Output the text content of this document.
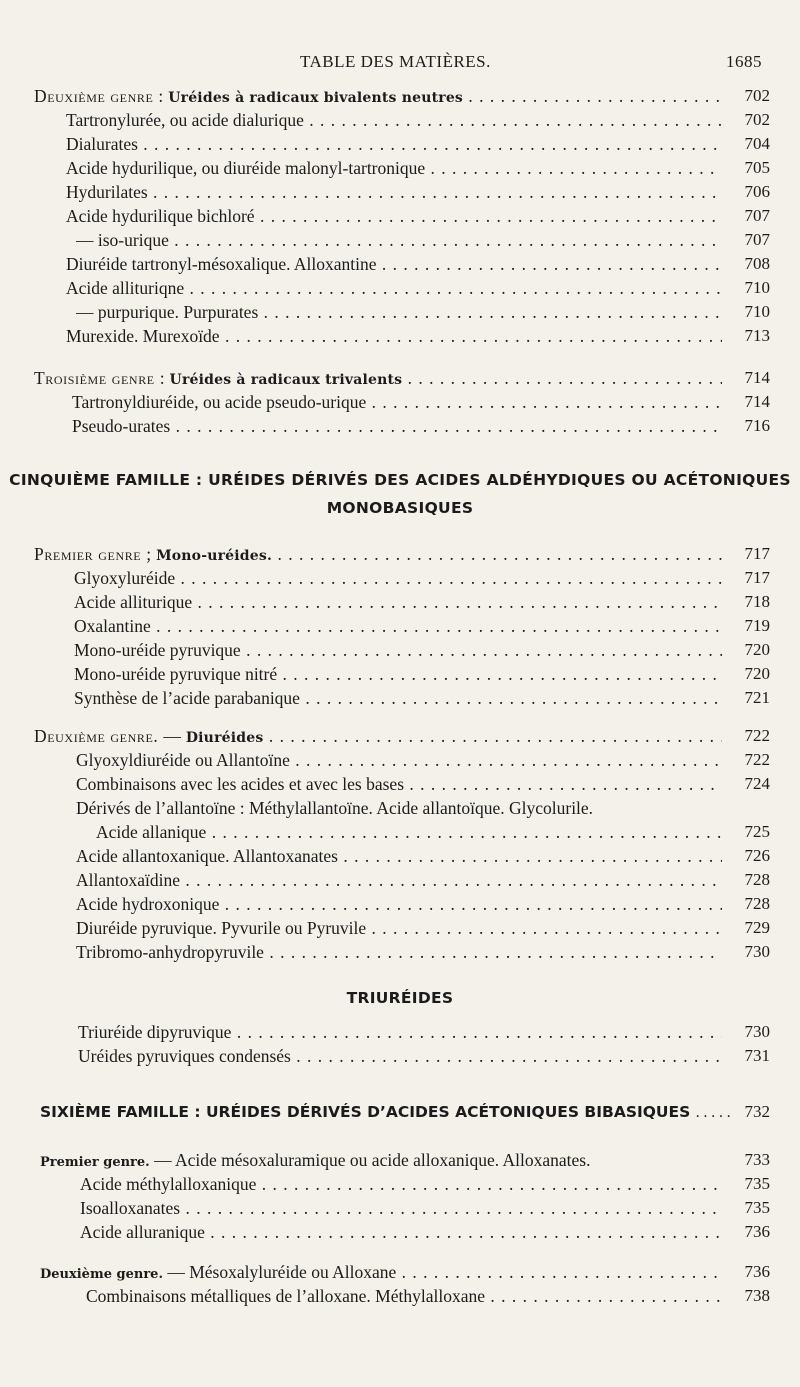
TABLE DES MATIÈRES.	1685
Deuxième genre : Uréides à radicaux bivalents neutres . . .	702
Tartronylurée, ou acide dialurique . . .	702
Dialurates . . .	704
Acide hydurilique, ou diuréide malonyl-tartronique . . .	705
Hydurilates . . .	706
Acide hydurilique bichloré . . .	707
— iso-urique . . .	707
Diuréide tartronyl-mésoxalique. Alloxantine . . .	708
Acide allituriqne . . .	710
— purpurique. Purpurates . . .	710
Murexide. Murexoïde . . .	713
Troisième genre : Uréides à radicaux trivalents . . .	714
Tartronyldiuréide, ou acide pseudo-urique . . .	714
Pseudo-urates . . .	716
CINQUIÈME FAMILLE : URÉIDES DÉRIVÉS DES ACIDES ALDÉHYDIQUES OU ACÉTONIQUES
MONOBASIQUES
Premier genre ; Mono-uréides. . . .	717
Glyoxyluréide . . .	717
Acide alliturique . . .	718
Oxalantine . . .	719
Mono-uréide pyruvique . . .	720
Mono-uréide pyruvique nitré . . .	720
Synthèse de l’acide parabanique . . .	721
Deuxième genre. — Diuréides . . .	722
Glyoxyldiuréide ou Allantoïne . . .	722
Combinaisons avec les acides et avec les bases . . .	724
Dérivés de l’allantoïne : Méthylallantoïne. Acide allantoïque. Glycolurile.
Acide allanique . . .	725
Acide allantoxanique. Allantoxanates . . .	726
Allantoxaïdine . . .	728
Acide hydroxonique . . .	728
Diuréide pyruvique. Pyvurile ou Pyruvile . . .	729
Tribromo-anhydropyruvile . . .	730
TRIURÉIDES
Triuréide dipyruvique . . .	730
Uréides pyruviques condensés . . .	731
SIXIÈME FAMILLE : URÉIDES DÉRIVÉS D’ACIDES ACÉTONIQUES BIBASIQUES . . . . . 732
Premier genre. — Acide mésoxaluramique ou acide alloxanique. Alloxanates.	733
Acide méthylalloxanique . . .	735
Isoalloxanates . . .	735
Acide alluranique . . .	736
Deuxième genre. — Mésoxalyluréide ou Alloxane . . .	736
Combinaisons métalliques de l’alloxane. Méthylalloxane . . .	738
